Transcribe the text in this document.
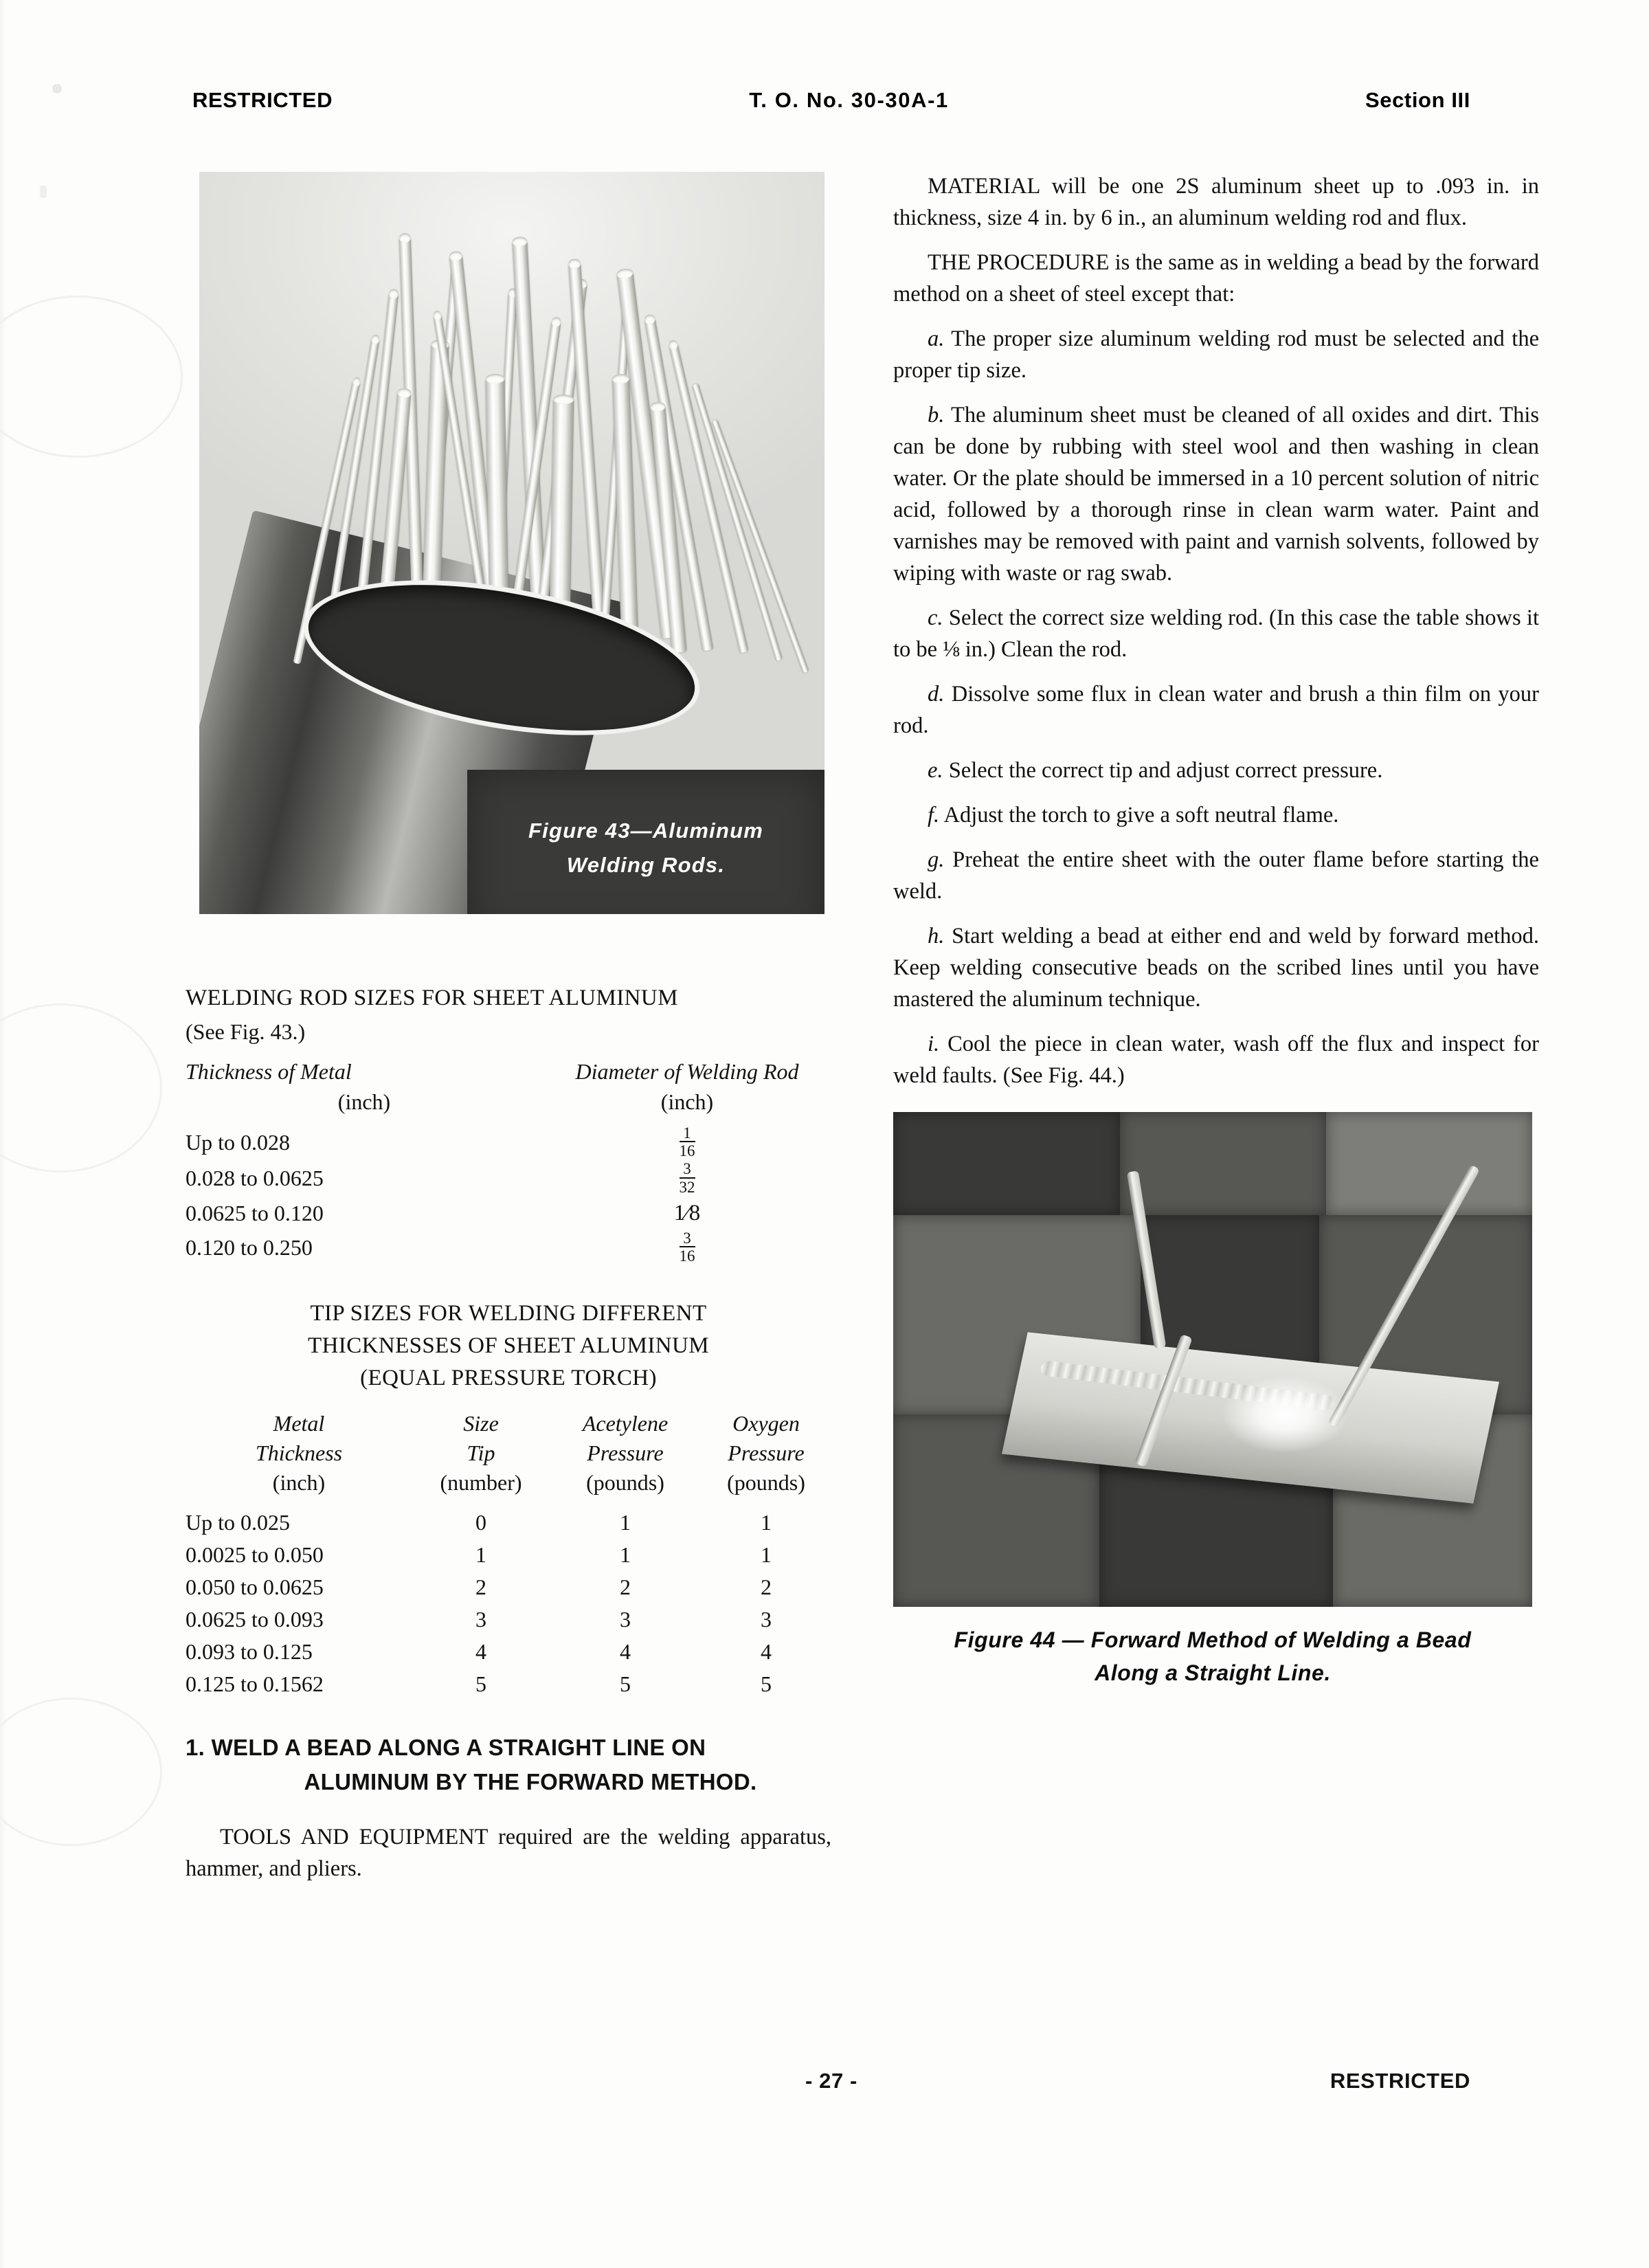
RESTRICTED	T. O. No. 30-30A-1	Section III
Figure 43—Aluminum
Welding Rods.
WELDING ROD SIZES FOR SHEET ALUMINUM
(See Fig. 43.)
Thickness of Metal	Diameter of Welding Rod
(inch)	(inch)
Up to 0.028	$\frac{1}{16}$

0.028 to 0.0625	$\frac{3}{32}$

0.0625 to 0.120	1⁄8
0.120 to 0.250	$\frac{3}{16}$
TIP SIZES FOR WELDING DIFFERENT
THICKNESSES OF SHEET ALUMINUM
(EQUAL PRESSURE TORCH)
Metal	Size	Acetylene	Oxygen
Thickness	Tip	Pressure	Pressure
(inch)	(number)	(pounds)	(pounds)
Up to 0.025	0	1	1
0.0025 to 0.050	1	1	1
0.050 to 0.0625	2	2	2
0.0625 to 0.093	3	3	3
0.093 to 0.125	4	4	4
0.125 to 0.1562	5	5	5
1. WELD A BEAD ALONG A STRAIGHT LINE ON
ALUMINUM BY THE FORWARD METHOD.

TOOLS AND EQUIPMENT required are the welding apparatus, hammer, and pliers.

MATERIAL will be one 2S aluminum sheet up to .093 in. in thickness, size 4 in. by 6 in., an aluminum welding rod and flux.

THE PROCEDURE is the same as in welding a bead by the forward method on a sheet of steel except that:

a. The proper size aluminum welding rod must be selected and the proper tip size.

b. The aluminum sheet must be cleaned of all oxides and dirt. This can be done by rubbing with steel wool and then washing in clean water. Or the plate should be immersed in a 10 percent solution of nitric acid, followed by a thorough rinse in clean warm water. Paint and varnishes may be removed with paint and varnish solvents, followed by wiping with waste or rag swab.

c. Select the correct size welding rod. (In this case the table shows it to be ⅛ in.) Clean the rod.

d. Dissolve some flux in clean water and brush a thin film on your rod.

e. Select the correct tip and adjust correct pressure.

f. Adjust the torch to give a soft neutral flame.

g. Preheat the entire sheet with the outer flame before starting the weld.

h. Start welding a bead at either end and weld by forward method. Keep welding consecutive beads on the scribed lines until you have mastered the aluminum technique.

i. Cool the piece in clean water, wash off the flux and inspect for weld faults. (See Fig. 44.)

Figure 44 — Forward Method of Welding a Bead
Along a Straight Line.
RESTRICTED
- 27 -
